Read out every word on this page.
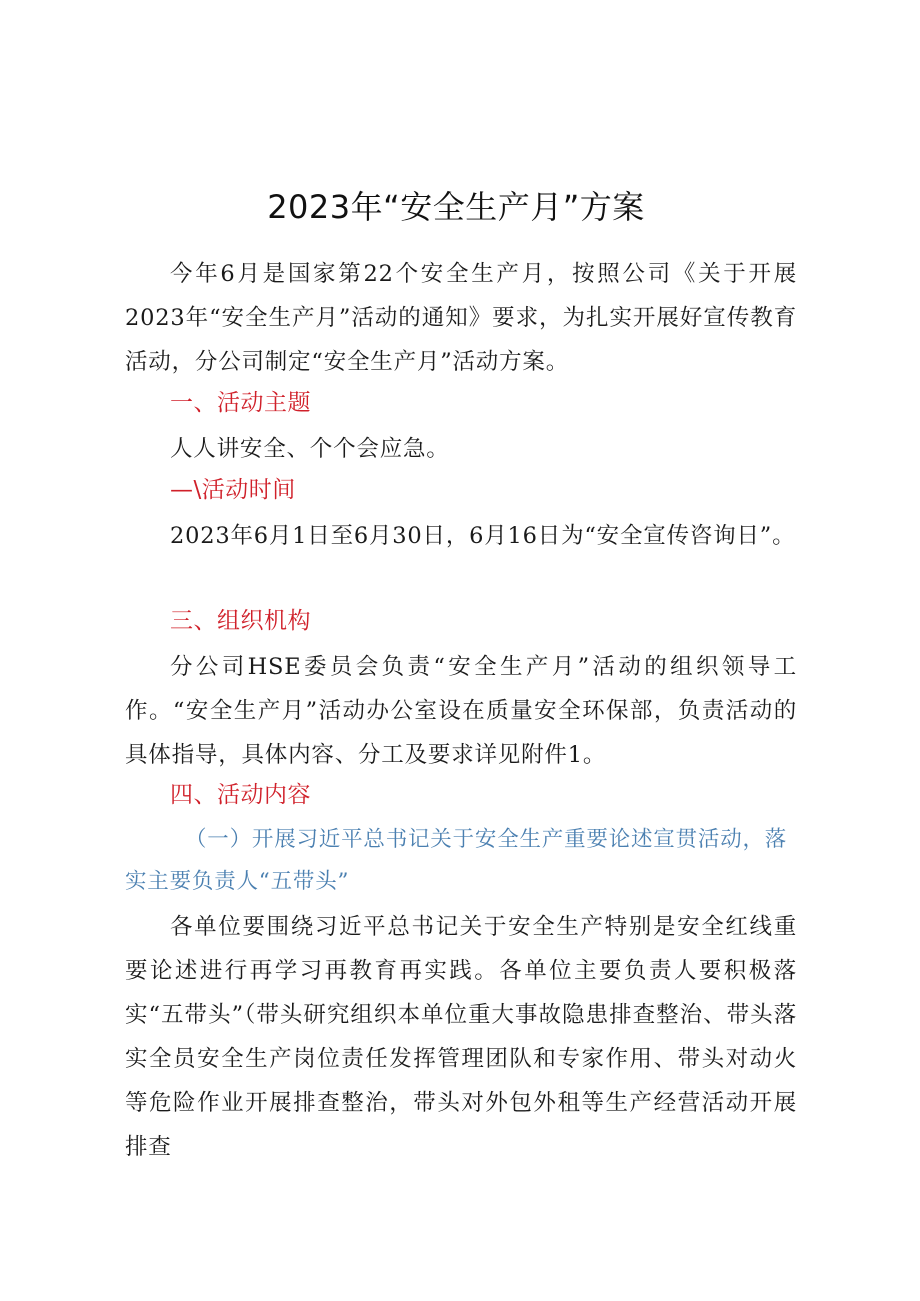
2023年“安全生产月”方案

今年6月是国家第22个安全生产月，按照公司《关于开展2023年“安全生产月”活动的通知》要求，为扎实开展好宣传教育活动，分公司制定“安全生产月”活动方案。

一、活动主题

人人讲安全、个个会应急。

—\活动时间

2023年6月1日至6月30日，6月16日为“安全宣传咨询日”。

三、组织机构

分公司HSE委员会负责“安全生产月”活动的组织领导工作。“安全生产月”活动办公室设在质量安全环保部，负责活动的具体指导，具体内容、分工及要求详见附件1。

四、活动内容

（一）开展习近平总书记关于安全生产重要论述宣贯活动，落实主要负责人“五带头”

各单位要围绕习近平总书记关于安全生产特别是安全红线重要论述进行再学习再教育再实践。各单位主要负责人要积极落实“五带头”（带头研究组织本单位重大事故隐患排查整治、带头落实全员安全生产岗位责任发挥管理团队和专家作用、带头对动火等危险作业开展排查整治，带头对外包外租等生产经营活动开展排查
